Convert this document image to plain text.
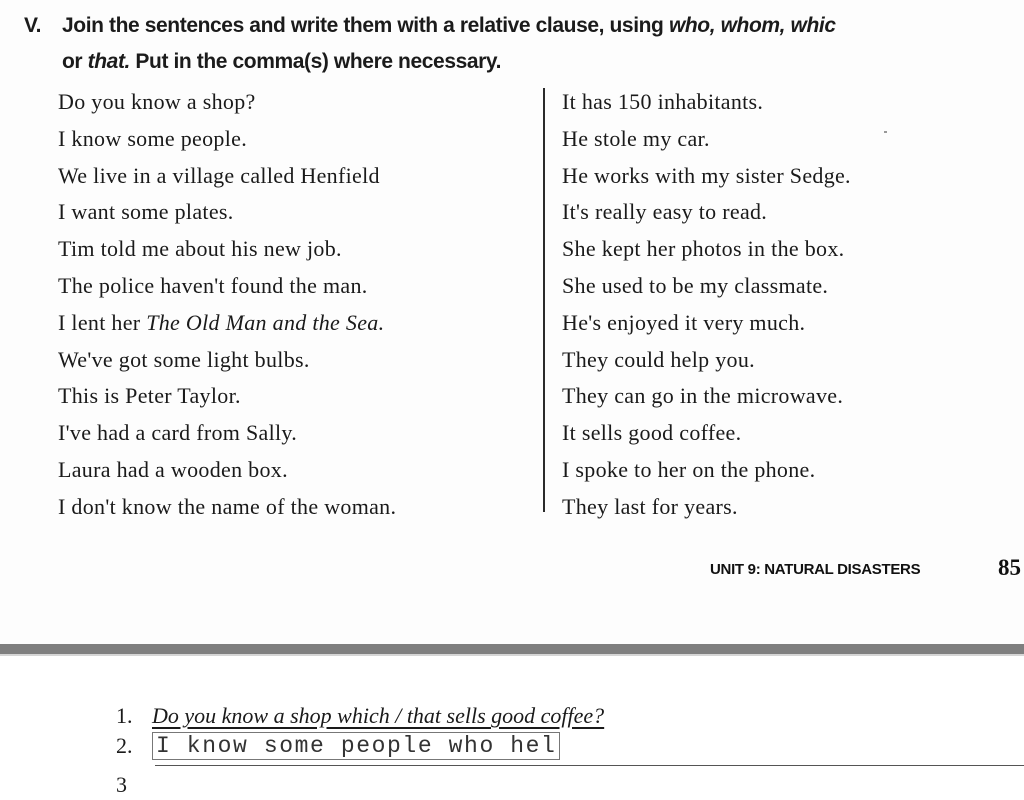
V. Join the sentences and write them with a relative clause, using who, whom, whic
or that. Put in the comma(s) where necessary.
Do you know a shop?
I know some people.
We live in a village called Henfield
I want some plates.
Tim told me about his new job.
The police haven't found the man.
I lent her The Old Man and the Sea.
We've got some light bulbs.
This is Peter Taylor.
I've had a card from Sally.
Laura had a wooden box.
I don't know the name of the woman.
It has 150 inhabitants.
He stole my car.
He works with my sister Sedge.
It's really easy to read.
She kept her photos in the box.
She used to be my classmate.
He's enjoyed it very much.
They could help you.
They can go in the microwave.
It sells good coffee.
I spoke to her on the phone.
They last for years.
UNIT 9: NATURAL DISASTERS	85
1. Do you know a shop which / that sells good coffee?
2. I know some people who hel
3
